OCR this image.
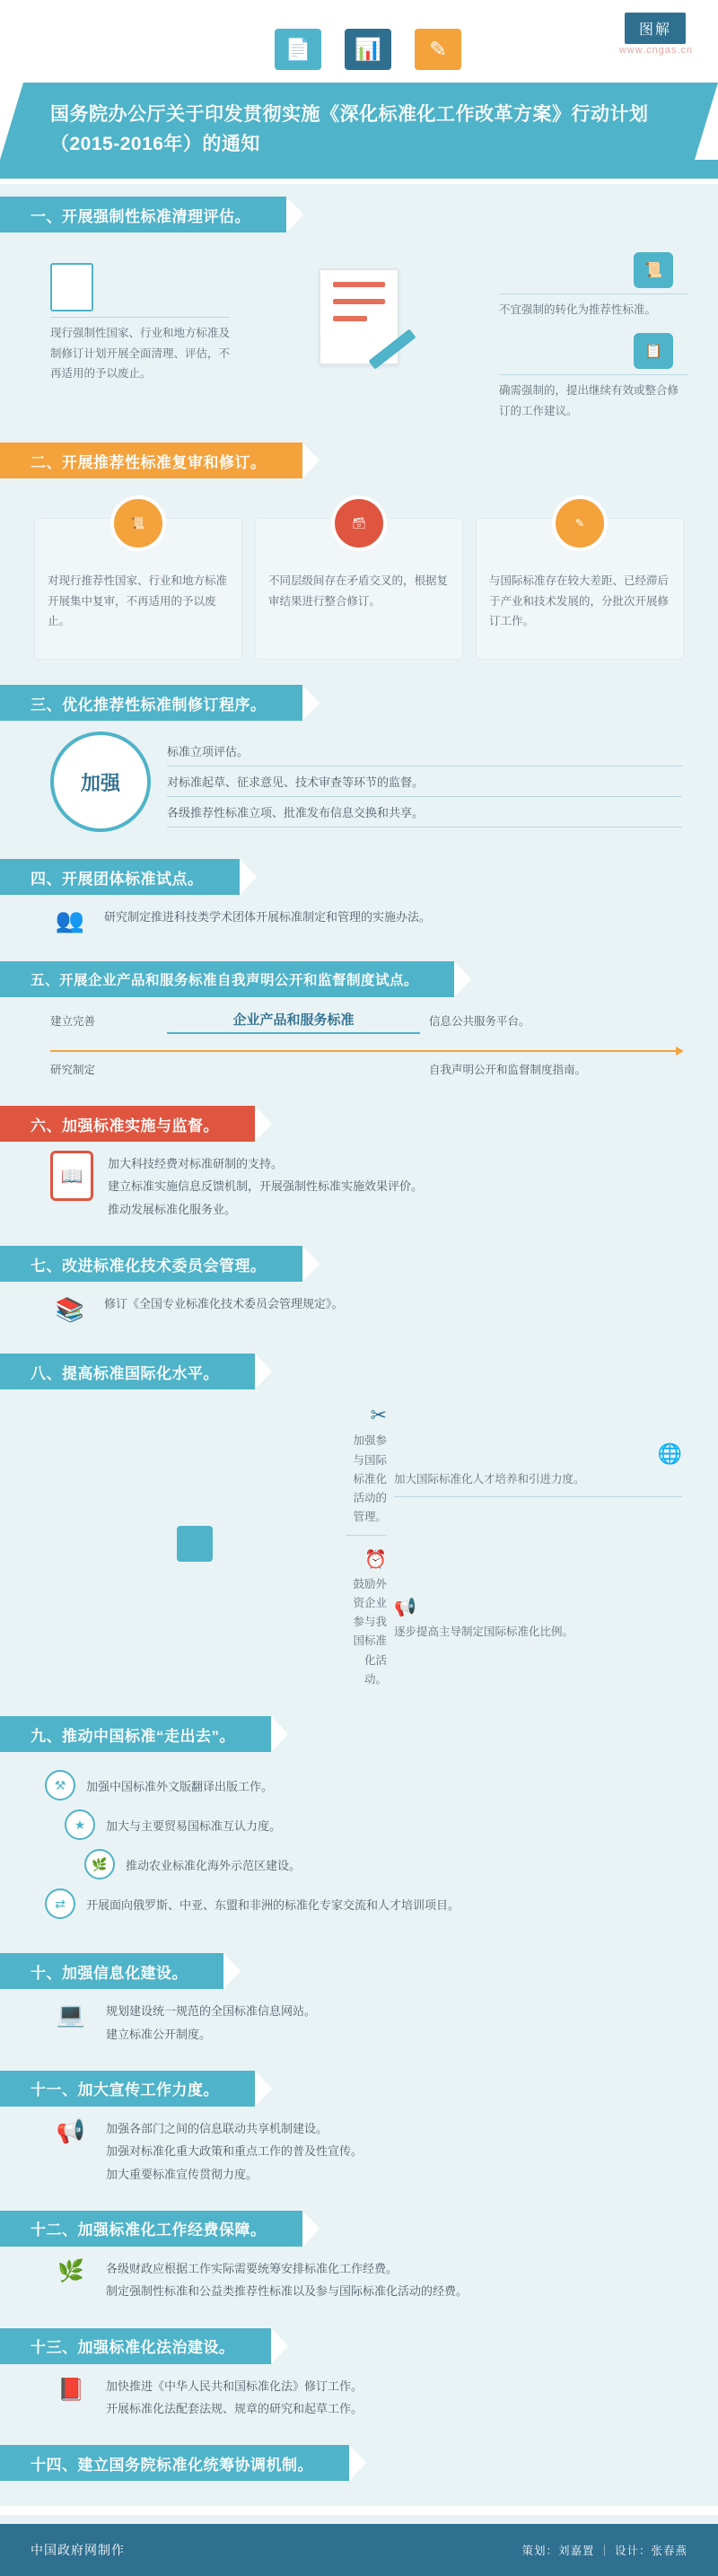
图解
www.cngas.cn
📄	📊	✎
国务院办公厅关于印发贯彻实施《深化标准化工作改革方案》行动计划（2015-2016年）的通知
一、开展强制性标准清理评估。
现行强制性国家、行业和地方标准及制修订计划开展全面清理、评估，不再适用的予以废止。
📜
不宜强制的转化为推荐性标准。
📋
确需强制的，提出继续有效或整合修订的工作建议。
二、开展推荐性标准复审和修订。
📜
对现行推荐性国家、行业和地方标准开展集中复审，不再适用的予以废止。
🗃
不同层级间存在矛盾交叉的，根据复审结果进行整合修订。
✎
与国际标准存在较大差距、已经滞后于产业和技术发展的，分批次开展修订工作。
三、优化推荐性标准制修订程序。
加强
标准立项评估。
对标准起草、征求意见、技术审查等环节的监督。
各级推荐性标准立项、批准发布信息交换和共享。
四、开展团体标准试点。
👥	研究制定推进科技类学术团体开展标准制定和管理的实施办法。
五、开展企业产品和服务标准自我声明公开和监督制度试点。
建立完善	企业产品和服务标准	信息公共服务平台。
研究制定	自我声明公开和监督制度指南。
六、加强标准实施与监督。
📖
加大科技经费对标准研制的支持。
建立标准实施信息反馈机制，开展强制性标准实施效果评价。
推动发展标准化服务业。
七、改进标准化技术委员会管理。
📚	修订《全国专业标准化技术委员会管理规定》。
八、提高标准国际化水平。
✂
加强参与国际标准化活动的管理。
🌐
加大国际标准化人才培养和引进力度。
⏰
鼓励外资企业参与我国标准化活动。
📢
逐步提高主导制定国际标准化比例。
九、推动中国标准“走出去”。
⚒	加强中国标准外文版翻译出版工作。
★	加大与主要贸易国标准互认力度。
🌿	推动农业标准化海外示范区建设。
⇄	开展面向俄罗斯、中亚、东盟和非洲的标准化专家交流和人才培训项目。
十、加强信息化建设。
💻	规划建设统一规范的全国标准信息网站。
建立标准公开制度。
十一、加大宣传工作力度。
📢	加强各部门之间的信息联动共享机制建设。
加强对标准化重大政策和重点工作的普及性宣传。
加大重要标准宣传贯彻力度。
十二、加强标准化工作经费保障。
🌿	各级财政应根据工作实际需要统筹安排标准化工作经费。
制定强制性标准和公益类推荐性标准以及参与国际标准化活动的经费。
十三、加强标准化法治建设。
📕	加快推进《中华人民共和国标准化法》修订工作。
开展标准化法配套法规、规章的研究和起草工作。
十四、建立国务院标准化统筹协调机制。
中国政府网制作	策划：刘嘉置 ｜ 设计：张春燕
